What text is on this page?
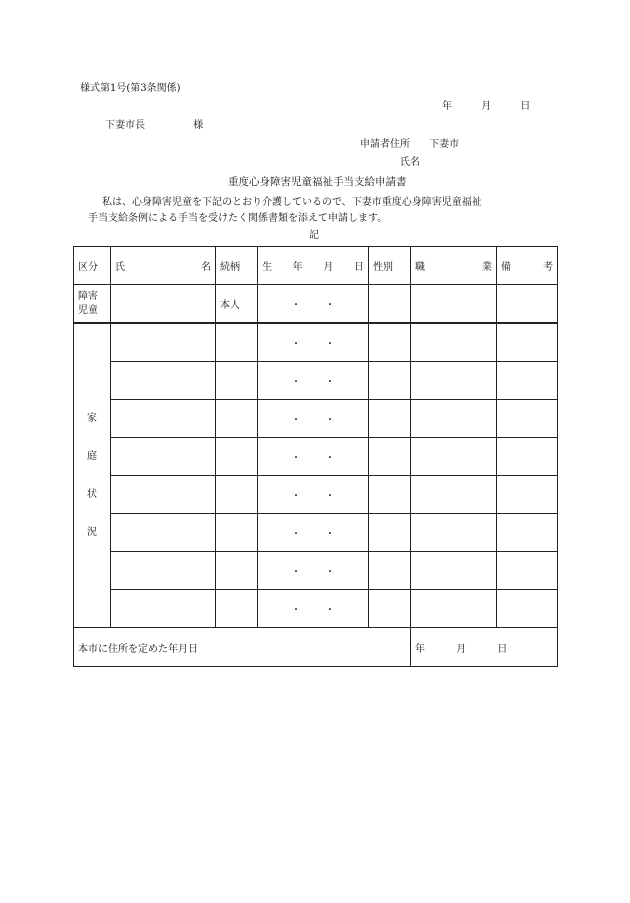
様式第1号(第3条関係)
年	月	日
下妻市長	様
申請者住所 下妻市
氏名
重度心身障害児童福祉手当支給申請書
私は、心身障害児童を下記のとおり介護しているので、下妻市重度心身障害児童福祉
手当支給条例による手当を受けたく関係書類を添えて申請します。
記
区分	氏 名	続柄	生 年 月 日	性別	職 業	備 考

障害
児童		本人	・ ・			

家
庭
状
況			・ ・			
			・ ・			
			・ ・			
			・ ・			
			・ ・			
			・ ・			
			・ ・			
			・ ・			
本市に住所を定めた年月日					年 月 日	
